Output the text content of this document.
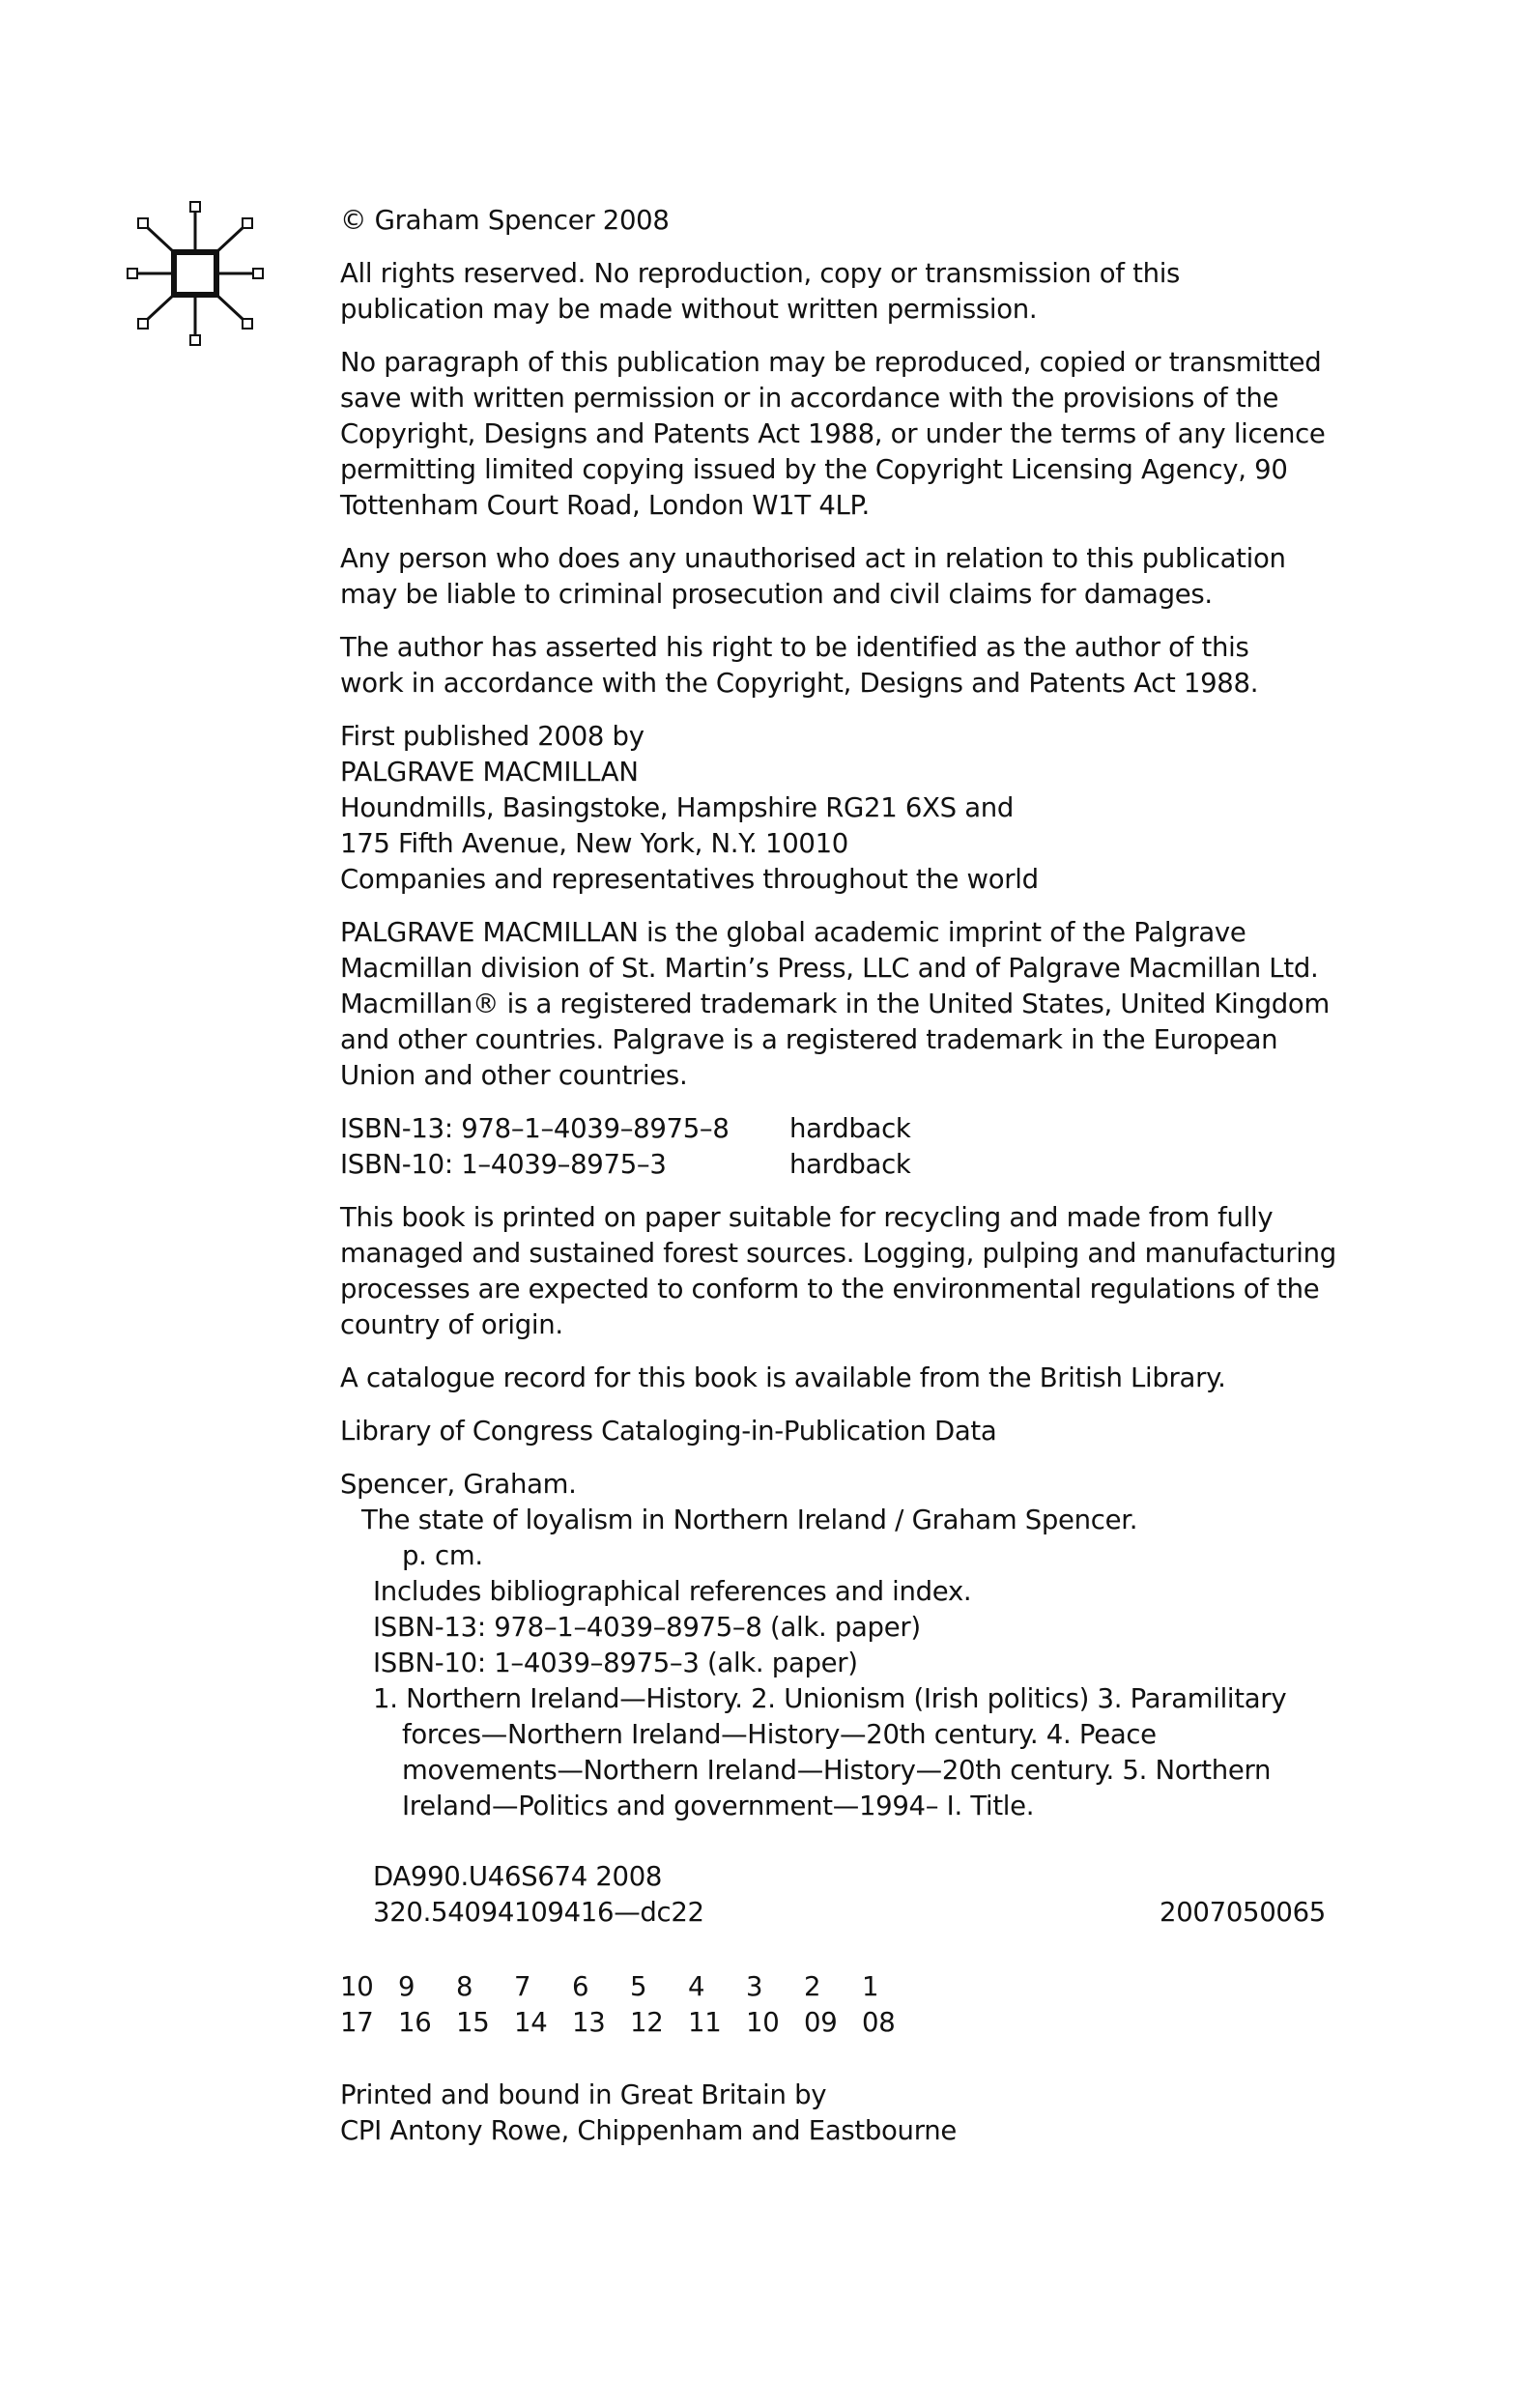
© Graham Spencer 2008

All rights reserved. No reproduction, copy or transmission of this
publication may be made without written permission.

No paragraph of this publication may be reproduced, copied or transmitted
save with written permission or in accordance with the provisions of the
Copyright, Designs and Patents Act 1988, or under the terms of any licence
permitting limited copying issued by the Copyright Licensing Agency, 90
Tottenham Court Road, London W1T 4LP.

Any person who does any unauthorised act in relation to this publication
may be liable to criminal prosecution and civil claims for damages.

The author has asserted his right to be identified as the author of this
work in accordance with the Copyright, Designs and Patents Act 1988.

First published 2008 by
PALGRAVE MACMILLAN
Houndmills, Basingstoke, Hampshire RG21 6XS and
175 Fifth Avenue, New York, N.Y. 10010
Companies and representatives throughout the world

PALGRAVE MACMILLAN is the global academic imprint of the Palgrave
Macmillan division of St. Martin’s Press, LLC and of Palgrave Macmillan Ltd.
Macmillan® is a registered trademark in the United States, United Kingdom
and other countries. Palgrave is a registered trademark in the European
Union and other countries.

ISBN-13: 978–1–4039–8975–8	hardback
ISBN-10: 1–4039–8975–3	hardback

This book is printed on paper suitable for recycling and made from fully
managed and sustained forest sources. Logging, pulping and manufacturing
processes are expected to conform to the environmental regulations of the
country of origin.

A catalogue record for this book is available from the British Library.

Library of Congress Cataloging-in-Publication Data

Spencer, Graham.
The state of loyalism in Northern Ireland / Graham Spencer.
p. cm.
Includes bibliographical references and index.
ISBN-13: 978–1–4039–8975–8 (alk. paper)
ISBN-10: 1–4039–8975–3 (alk. paper)
1. Northern Ireland—History. 2. Unionism (Irish politics) 3. Paramilitary
forces—Northern Ireland—History—20th century. 4. Peace
movements—Northern Ireland—History—20th century. 5. Northern
Ireland—Politics and government—1994– I. Title.
DA990.U46S674 2008
320.54094109416—dc22	2007050065
10 9	8	7	6	5	4	3	2	1
17 16 15 14 13 12 11 10 09 08
Printed and bound in Great Britain by
CPI Antony Rowe, Chippenham and Eastbourne
